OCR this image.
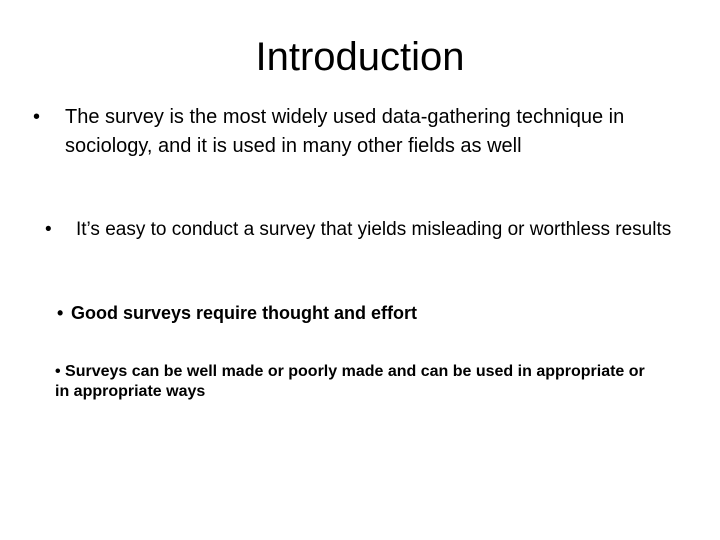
Introduction
•	The survey is the most widely used data-gathering technique in sociology, and it is used in many other fields as well
•	It’s easy to conduct a survey that yields misleading or worthless results
• Good surveys require thought and effort
• Surveys can be well made or poorly made and can be used in appropriate or in appropriate ways
